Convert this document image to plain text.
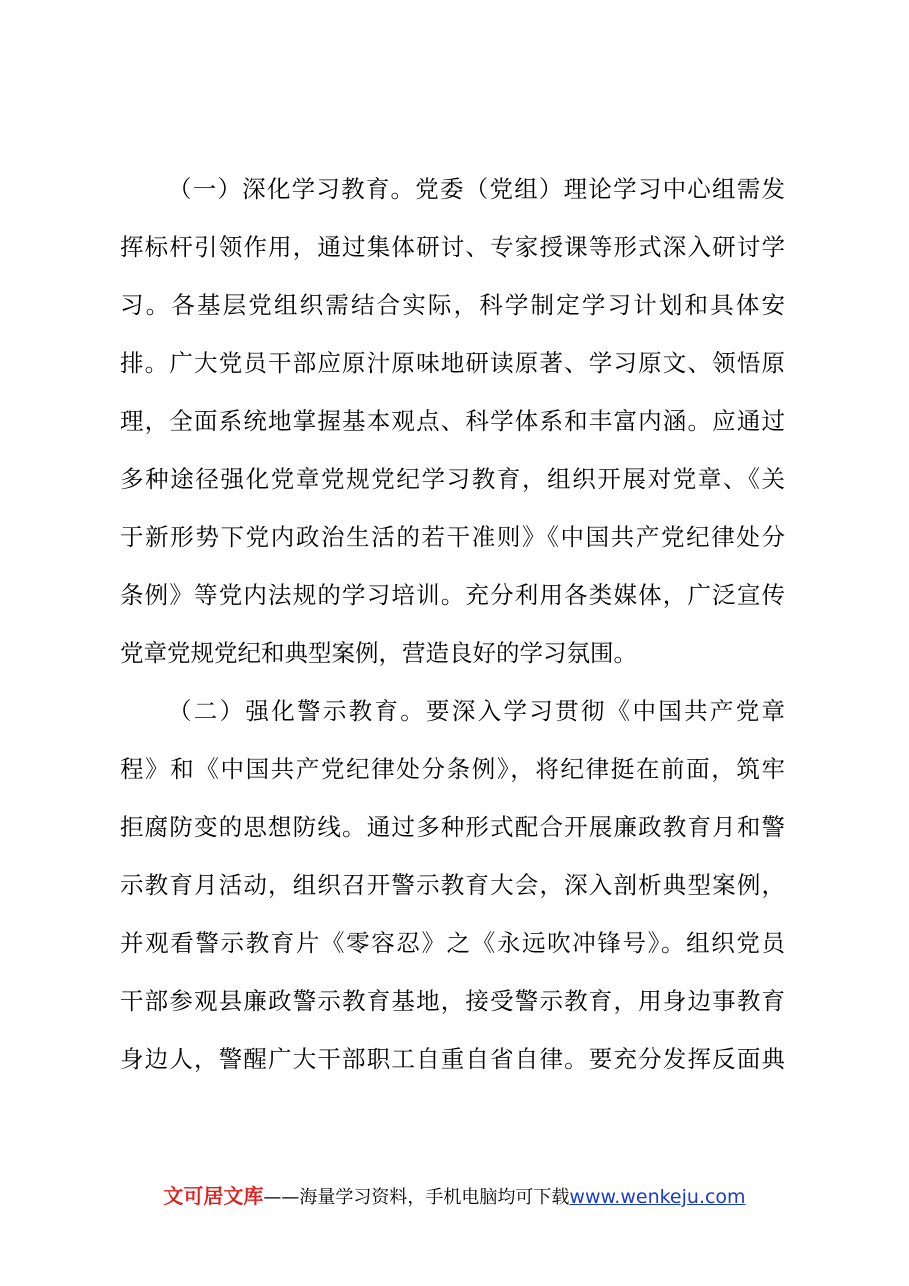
（一）深化学习教育。党委（党组）理论学习中心组需发
挥标杆引领作用，通过集体研讨、专家授课等形式深入研讨学
习。各基层党组织需结合实际，科学制定学习计划和具体安
排。广大党员干部应原汁原味地研读原著、学习原文、领悟原
理，全面系统地掌握基本观点、科学体系和丰富内涵。应通过
多种途径强化党章党规党纪学习教育，组织开展对党章、《关
于新形势下党内政治生活的若干准则》《中国共产党纪律处分
条例》等党内法规的学习培训。充分利用各类媒体，广泛宣传
党章党规党纪和典型案例，营造良好的学习氛围。
（二）强化警示教育。要深入学习贯彻《中国共产党章
程》和《中国共产党纪律处分条例》，将纪律挺在前面，筑牢
拒腐防变的思想防线。通过多种形式配合开展廉政教育月和警
示教育月活动，组织召开警示教育大会，深入剖析典型案例，
并观看警示教育片《零容忍》之《永远吹冲锋号》。组织党员
干部参观县廉政警示教育基地，接受警示教育，用身边事教育
身边人，警醒广大干部职工自重自省自律。要充分发挥反面典
文可居文库——海量学习资料，手机电脑均可下载www.wenkeju.com
